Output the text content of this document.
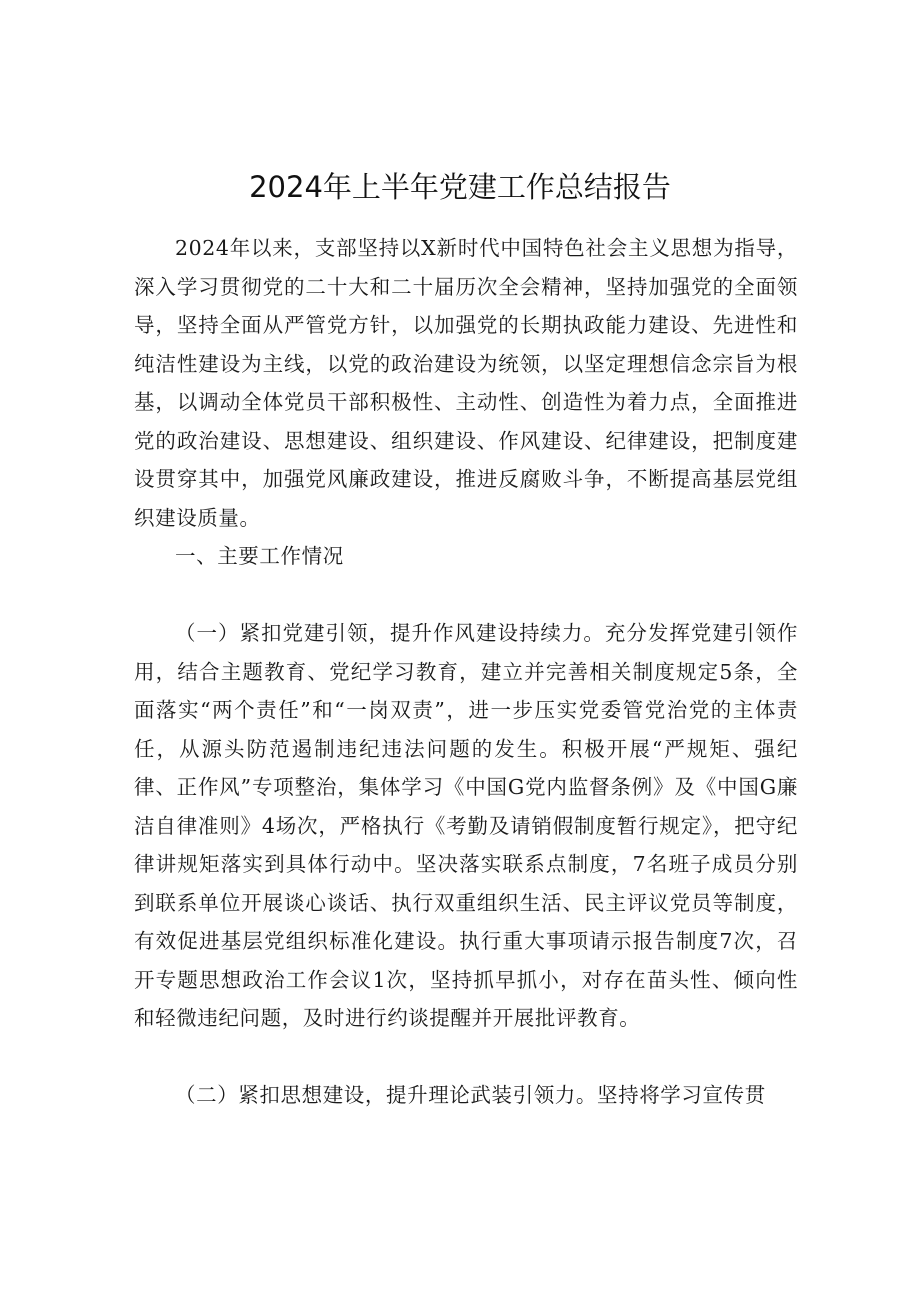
2024年上半年党建工作总结报告

2024年以来，支部坚持以X新时代中国特色社会主义思想为指导，深入学习贯彻党的二十大和二十届历次全会精神，坚持加强党的全面领导，坚持全面从严管党方针，以加强党的长期执政能力建设、先进性和纯洁性建设为主线，以党的政治建设为统领，以坚定理想信念宗旨为根基，以调动全体党员干部积极性、主动性、创造性为着力点，全面推进党的政治建设、思想建设、组织建设、作风建设、纪律建设，把制度建设贯穿其中，加强党风廉政建设，推进反腐败斗争，不断提高基层党组织建设质量。

一、主要工作情况

（一）紧扣党建引领，提升作风建设持续力。充分发挥党建引领作用，结合主题教育、党纪学习教育，建立并完善相关制度规定5条，全面落实“两个责任”和“一岗双责”，进一步压实党委管党治党的主体责任，从源头防范遏制违纪违法问题的发生。积极开展“严规矩、强纪律、正作风”专项整治，集体学习《中国G党内监督条例》及《中国G廉洁自律准则》4场次，严格执行《考勤及请销假制度暂行规定》，把守纪律讲规矩落实到具体行动中。坚决落实联系点制度，7名班子成员分别到联系单位开展谈心谈话、执行双重组织生活、民主评议党员等制度，有效促进基层党组织标准化建设。执行重大事项请示报告制度7次，召开专题思想政治工作会议1次，坚持抓早抓小，对存在苗头性、倾向性和轻微违纪问题，及时进行约谈提醒并开展批评教育。

（二）紧扣思想建设，提升理论武装引领力。坚持将学习宣传贯
